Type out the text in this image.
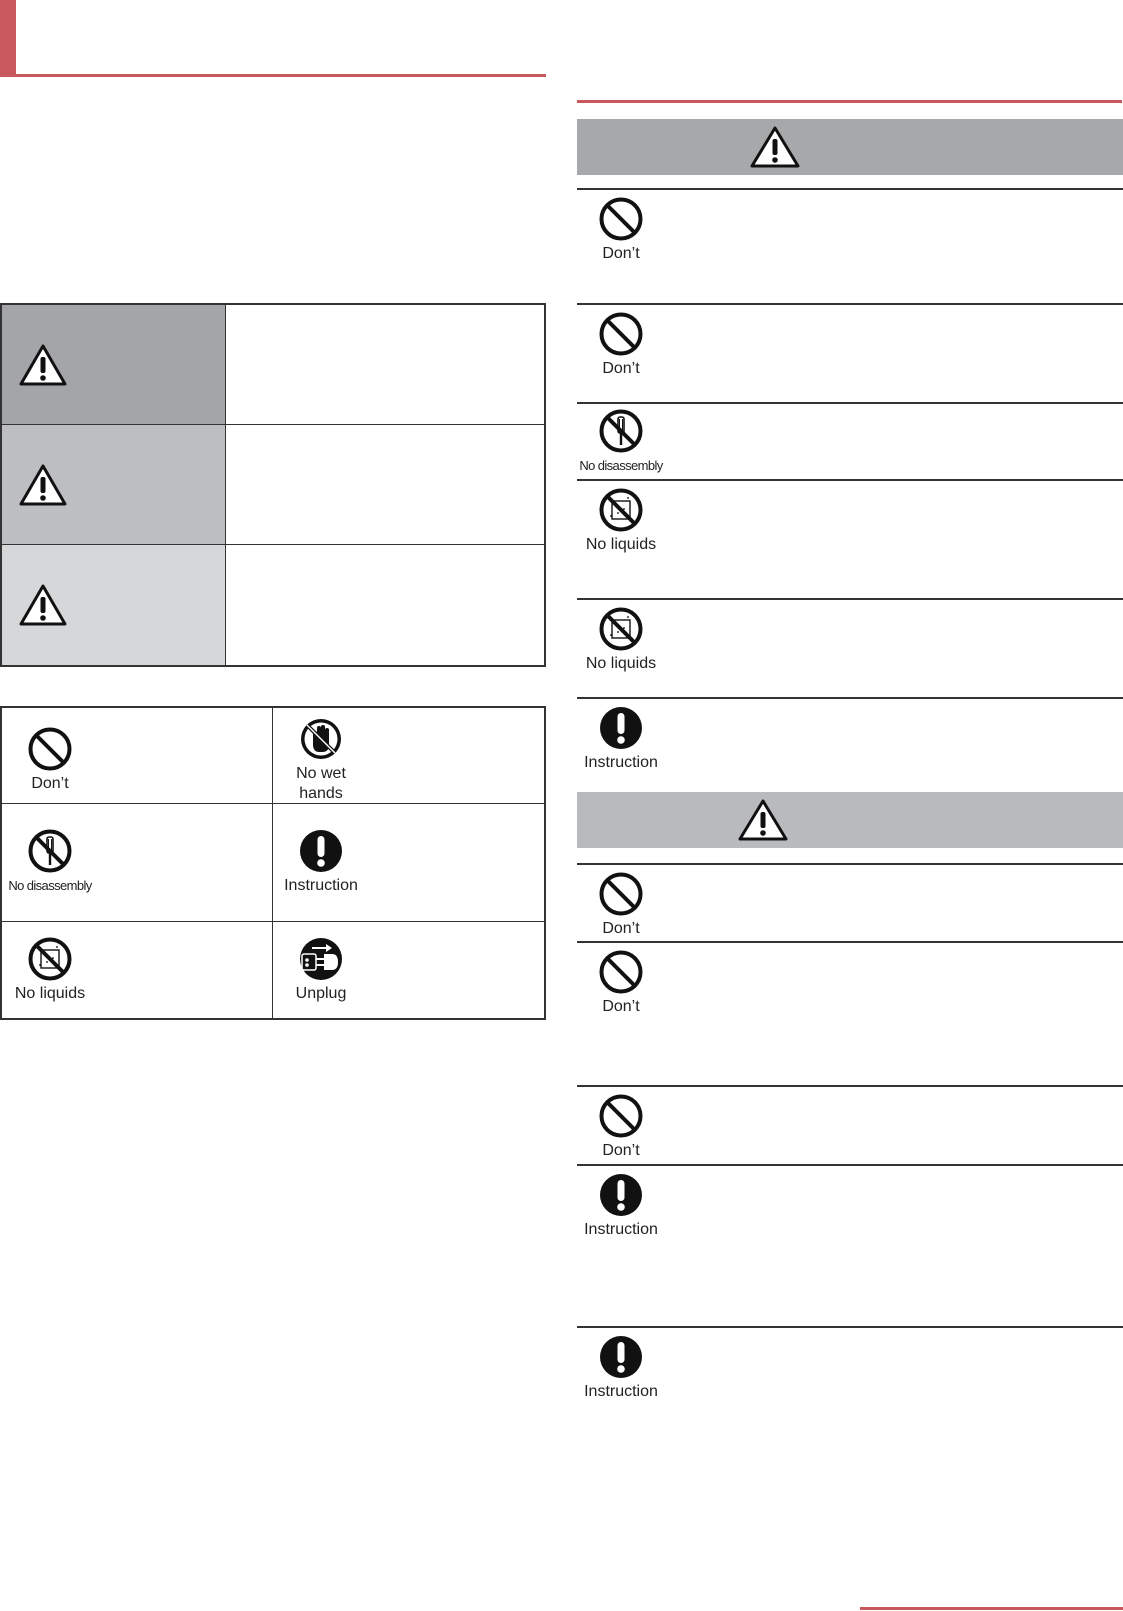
Don’t
No wet
hands
No disassembly	Instruction
No liquids	Unplug
Don’t
Don’t
No disassembly
No liquids
No liquids
Instruction
Don’t
Don’t
Don’t
Instruction
Instruction
